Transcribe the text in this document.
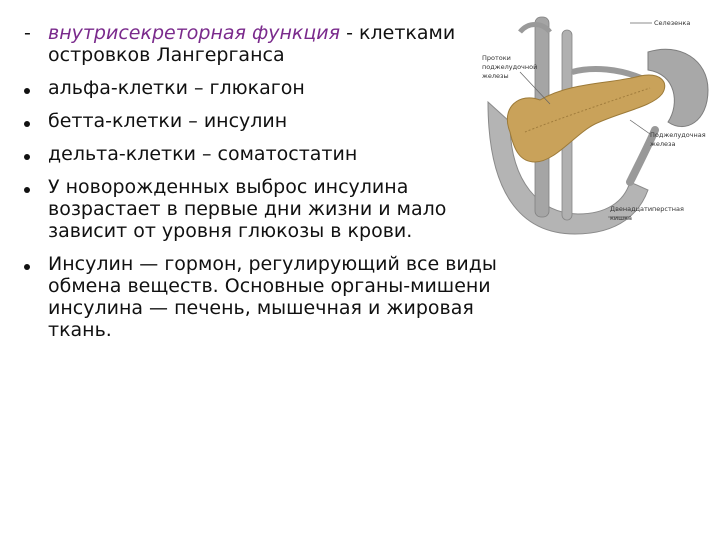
- внутрисекреторная функция - клетками островков Лангерганса
альфа-клетки – глюкагон
бетта-клетки – инсулин
дельта-клетки – соматостатин
У новорожденных выброс инсулина возрастает в первые дни жизни и мало зависит от уровня глюкозы в крови.
Инсулин — гормон, регулирующий все виды обмена веществ. Основные органы-мишени инсулина — печень, мышечная и жировая ткань.
Селезенка
Протоки
поджелудочной
железы
Поджелудочная
железа
Двенадцатиперстная
кишка
